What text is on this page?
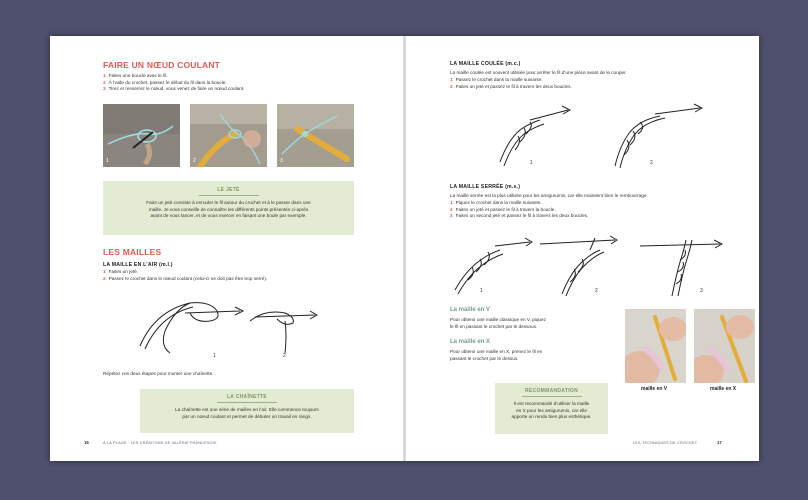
FAIRE UN NŒUD COULANT
1 Faites une boucle avec le fil.
2 À l’aide du crochet, passez le début du fil dans la boucle.
3 Tirez et resserrez le nœud, vous venez de faire un nœud coulant.
1	2	3
LE JETÉ
Faire un jeté consiste à enrouler le fil autour du crochet et à le passer dans une
maille. Je vous conseille de connaître les différents points présentés ci-après
avant de vous lancer, et de vous exercer en faisant une boule par exemple.
LES MAILLES
LA MAILLE EN L’AIR (m.l.)
1 Faites un jeté.
2 Passez le crochet dans le nœud coulant (celui-ci ne doit pas être trop serré).
1	2
Répétez ces deux étapes pour monter une chaînette.
LA CHAÎNETTE
La chaînette est une série de mailles en l’air. Elle commence toujours
par un nœud coulant et permet de débuter un travail en rangs.
16	À LA PLAGE · LES CRÉATIONS DE VALÉRIE FRANCESCHI
LA MAILLE COULÉE (m.c.)
La maille coulée est souvent utilisée pour arrêter le fil d’une pièce avant de le couper.
1 Passez le crochet dans la maille suivante.
2 Faites un jeté et passez le fil à travers les deux boucles.
1	2
LA MAILLE SERRÉE (m.s.)
La maille serrée est la plus utilisée pour les amigurumis, car elle maintient bien le rembourrage.
1 Piquez le crochet dans la maille suivante.
2 Faites un jeté et passez le fil à travers la boucle.
3 Faites un second jeté et passez le fil à travers les deux boucles.
1	2	3
La maille en V
Pour obtenir une maille classique en V, piquez
le fil en passant le crochet par le dessous.
La maille en X
Pour obtenir une maille en X, prenez le fil en
passant le crochet par le dessus.
maille en V	maille en X
RECOMMANDATION
Il est recommandé d’utiliser la maille
en X pour les amigurumis, car elle
apporte un rendu bien plus esthétique.
LES TECHNIQUES DE CROCHET	17
